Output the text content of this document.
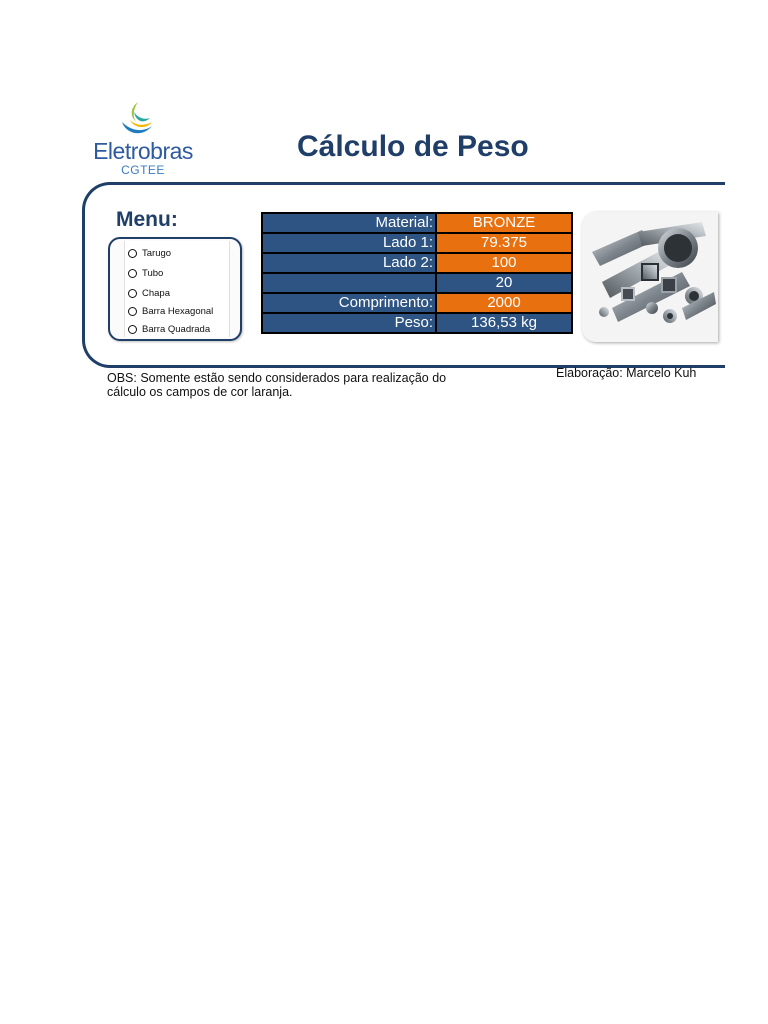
Eletrobras
CGTEE
Cálculo de Peso
Menu:
Tarugo
Tubo
Chapa
Barra Hexagonal
Barra Quadrada
Material:	BRONZE
Lado 1:	79.375
Lado 2:	100
	20
Comprimento:	2000
Peso:	136,53 kg
Elaboração: Marcelo Kuh
OBS: Somente estão sendo considerados para realização do cálculo os campos de cor laranja.
